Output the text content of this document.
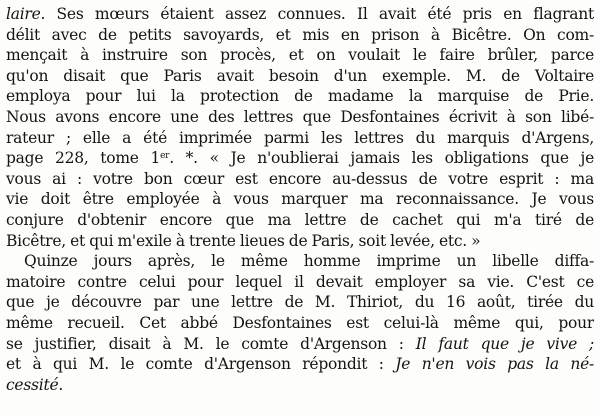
laire. Ses mœurs étaient assez connues. Il avait été pris en flagrant
délit avec de petits savoyards, et mis en prison à Bicêtre. On com-
mençait à instruire son procès, et on voulait le faire brûler, parce
qu'on disait que Paris avait besoin d'un exemple. M. de Voltaire
employa pour lui la protection de madame la marquise de Prie.
Nous avons encore une des lettres que Desfontaines écrivit à son libé-
rateur ; elle a été imprimée parmi les lettres du marquis d'Argens,
page 228, tome 1er. *. « Je n'oublierai jamais les obligations que je
vous ai : votre bon cœur est encore au-dessus de votre esprit : ma
vie doit être employée à vous marquer ma reconnaissance. Je vous
conjure d'obtenir encore que ma lettre de cachet qui m'a tiré de
Bicêtre, et qui m'exile à trente lieues de Paris, soit levée, etc. »
Quinze jours après, le même homme imprime un libelle diffa-
matoire contre celui pour lequel il devait employer sa vie. C'est ce
que je découvre par une lettre de M. Thiriot, du 16 août, tirée du
même recueil. Cet abbé Desfontaines est celui-là même qui, pour
se justifier, disait à M. le comte d'Argenson : Il faut que je vive ;
et à qui M. le comte d'Argenson répondit : Je n'en vois pas la né-
cessité.
